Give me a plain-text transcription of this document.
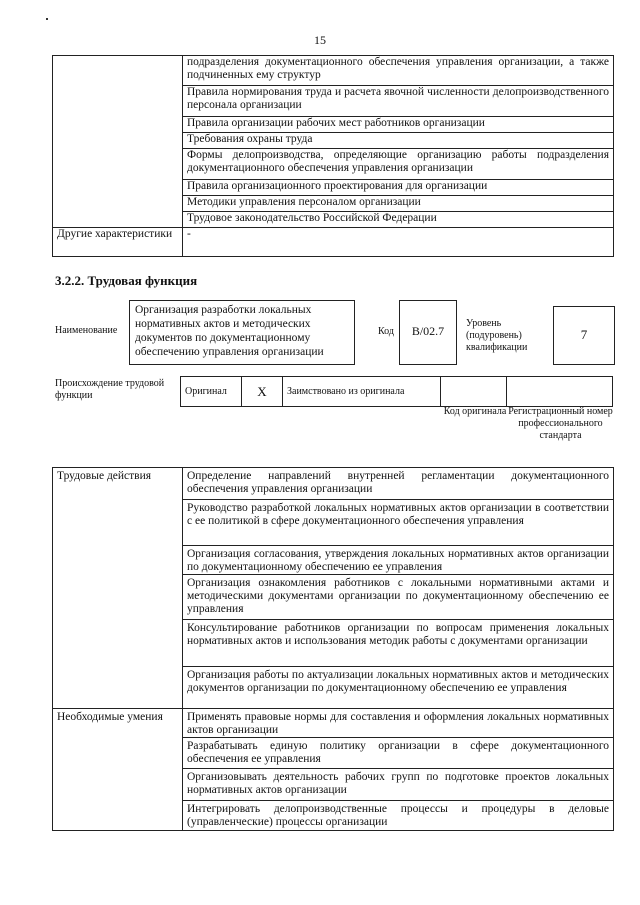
15
	подразделения документационного обеспечения управления организации, а также подчиненных ему структур
	Правила нормирования труда и расчета явочной численности делопроизводственного персонала организации
	Правила организации рабочих мест работников организации
	Требования охраны труда
	Формы делопроизводства, определяющие организацию работы подразделения документационного обеспечения управления организации
	Правила организационного проектирования для организации
	Методики управления персоналом организации
	Трудовое законодательство Российской Федерации
Другие характеристики	-
3.2.2. Трудовая функция
Наименование
Организация разработки локальных нормативных актов и методических документов по документационному обеспечению управления организации
Код	B/02.7
Уровень (подуровень) квалификации
7
Происхождение трудовой функции	Оригинал	X	Заимствовано из оригинала		
Код оригинала Регистрационный номер профессионального стандарта
Трудовые действия	Определение направлений внутренней регламентации документационного обеспечения управления организации
	Руководство разработкой локальных нормативных актов организации в соответствии с ее политикой в сфере документационного обеспечения управления
	Организация согласования, утверждения локальных нормативных актов организации по документационному обеспечению ее управления
	Организация ознакомления работников с локальными нормативными актами и методическими документами организации по документационному обеспечению ее управления
	Консультирование работников организации по вопросам применения локальных нормативных актов и использования методик работы с документами организации
	Организация работы по актуализации локальных нормативных актов и методических документов организации по документационному обеспечению ее управления
Необходимые умения	Применять правовые нормы для составления и оформления локальных нормативных актов организации
	Разрабатывать единую политику организации в сфере документационного обеспечения ее управления
	Организовывать деятельность рабочих групп по подготовке проектов локальных нормативных актов организации
	Интегрировать делопроизводственные процессы и процедуры в деловые (управленческие) процессы организации
